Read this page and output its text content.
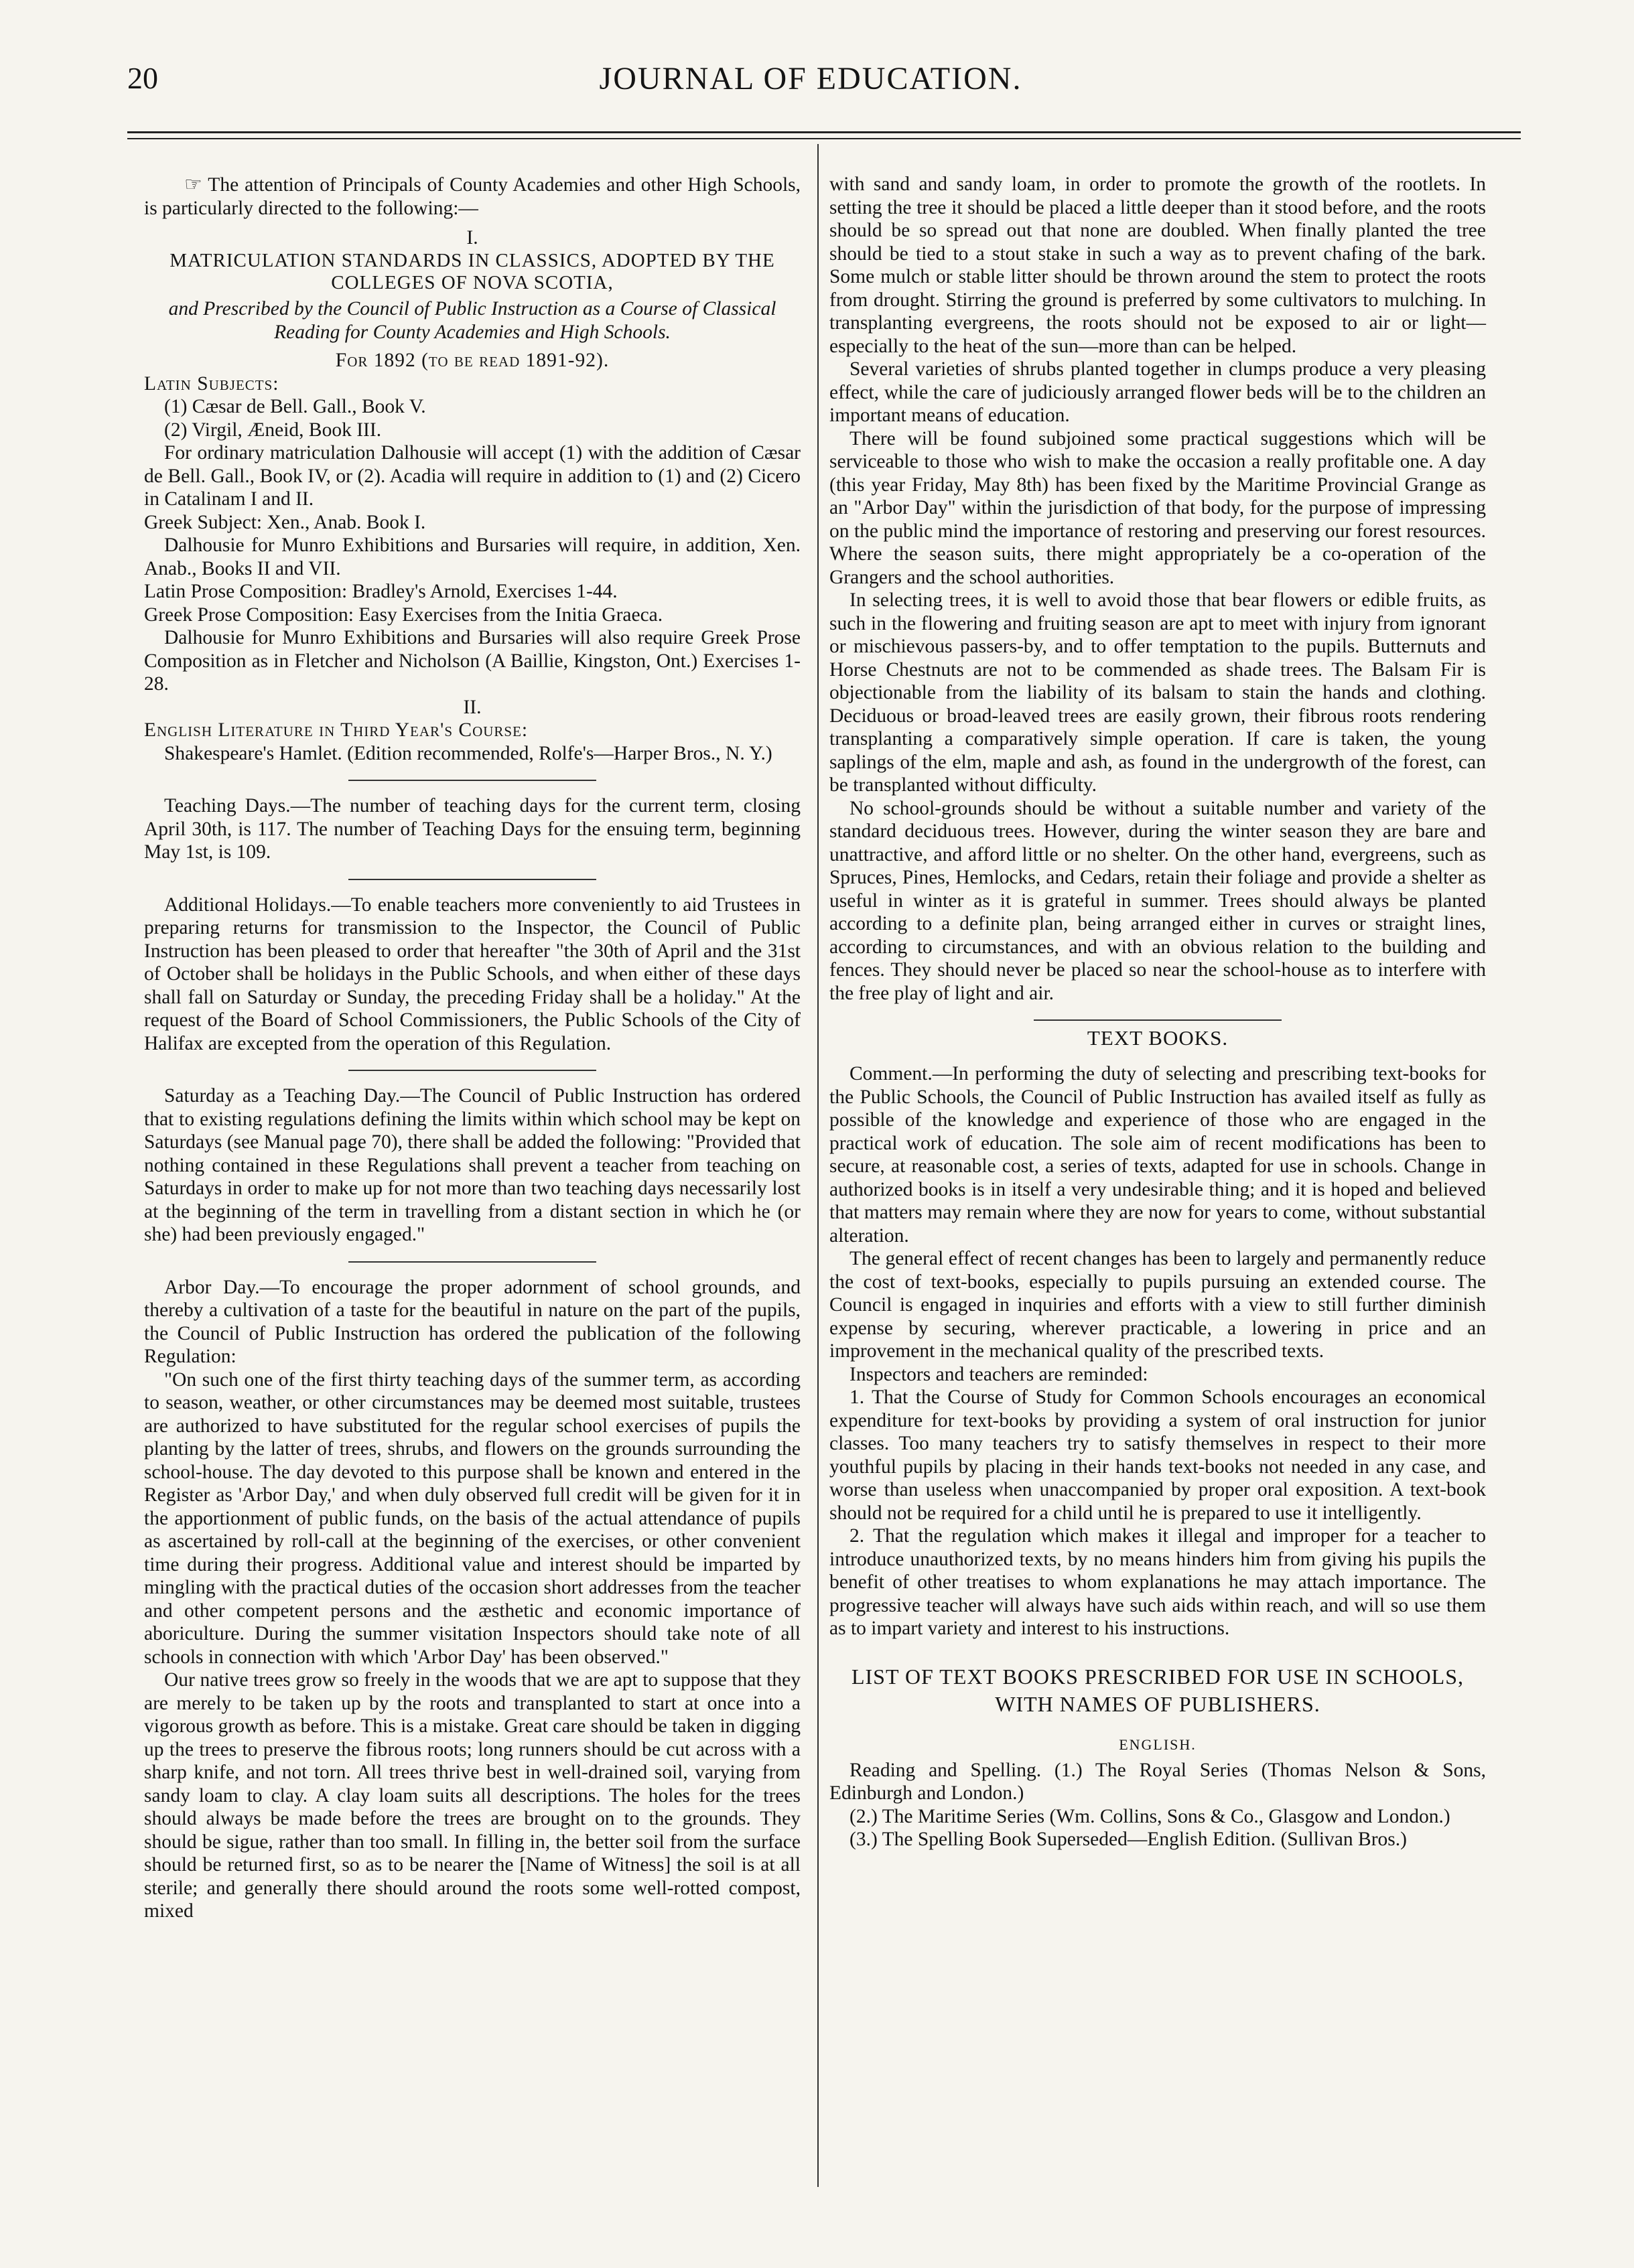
20	JOURNAL OF EDUCATION.

☞ The attention of Principals of County Academies and other High Schools, is particularly directed to the following:—

I.

MATRICULATION STANDARDS IN CLASSICS, ADOPTED BY THE COLLEGES OF NOVA SCOTIA,

and Prescribed by the Council of Public Instruction as a Course of Classical Reading for County Academies and High Schools.

For 1892 (to be read 1891-92).

Latin Subjects:

(1) Cæsar de Bell. Gall., Book V.

(2) Virgil, Æneid, Book III.

For ordinary matriculation Dalhousie will accept (1) with the addition of Cæsar de Bell. Gall., Book IV, or (2). Acadia will require in addition to (1) and (2) Cicero in Catalinam I and II.

Greek Subject: Xen., Anab. Book I.

Dalhousie for Munro Exhibitions and Bursaries will require, in addition, Xen. Anab., Books II and VII.

Latin Prose Composition: Bradley's Arnold, Exercises 1-44.

Greek Prose Composition: Easy Exercises from the Initia Graeca.

Dalhousie for Munro Exhibitions and Bursaries will also require Greek Prose Composition as in Fletcher and Nicholson (A Baillie, Kingston, Ont.) Exercises 1-28.

II.

English Literature in Third Year's Course:

Shakespeare's Hamlet. (Edition recommended, Rolfe's—Harper Bros., N. Y.)

Teaching Days.—The number of teaching days for the current term, closing April 30th, is 117. The number of Teaching Days for the ensuing term, beginning May 1st, is 109.

Additional Holidays.—To enable teachers more conveniently to aid Trustees in preparing returns for transmission to the Inspector, the Council of Public Instruction has been pleased to order that hereafter "the 30th of April and the 31st of October shall be holidays in the Public Schools, and when either of these days shall fall on Saturday or Sunday, the preceding Friday shall be a holiday." At the request of the Board of School Commissioners, the Public Schools of the City of Halifax are excepted from the operation of this Regulation.

Saturday as a Teaching Day.—The Council of Public Instruction has ordered that to existing regulations defining the limits within which school may be kept on Saturdays (see Manual page 70), there shall be added the following: "Provided that nothing contained in these Regulations shall prevent a teacher from teaching on Saturdays in order to make up for not more than two teaching days necessarily lost at the beginning of the term in travelling from a distant section in which he (or she) had been previously engaged."

Arbor Day.—To encourage the proper adornment of school grounds, and thereby a cultivation of a taste for the beautiful in nature on the part of the pupils, the Council of Public Instruction has ordered the publication of the following Regulation:

"On such one of the first thirty teaching days of the summer term, as according to season, weather, or other circumstances may be deemed most suitable, trustees are authorized to have substituted for the regular school exercises of pupils the planting by the latter of trees, shrubs, and flowers on the grounds surrounding the school-house. The day devoted to this purpose shall be known and entered in the Register as 'Arbor Day,' and when duly observed full credit will be given for it in the apportionment of public funds, on the basis of the actual attendance of pupils as ascertained by roll-call at the beginning of the exercises, or other convenient time during their progress. Additional value and interest should be imparted by mingling with the practical duties of the occasion short addresses from the teacher and other competent persons and the æsthetic and economic importance of aboriculture. During the summer visitation Inspectors should take note of all schools in connection with which 'Arbor Day' has been observed."

Our native trees grow so freely in the woods that we are apt to suppose that they are merely to be taken up by the roots and transplanted to start at once into a vigorous growth as before. This is a mistake. Great care should be taken in digging up the trees to preserve the fibrous roots; long runners should be cut across with a sharp knife, and not torn. All trees thrive best in well-drained soil, varying from sandy loam to clay. A clay loam suits all descriptions. The holes for the trees should always be made before the trees are brought on to the grounds. They should be sigue, rather than too small. In filling in, the better soil from the surface should be returned first, so as to be nearer the [Name of Witness] the soil is at all sterile; and generally there should around the roots some well-rotted compost, mixed

with sand and sandy loam, in order to promote the growth of the rootlets. In setting the tree it should be placed a little deeper than it stood before, and the roots should be so spread out that none are doubled. When finally planted the tree should be tied to a stout stake in such a way as to prevent chafing of the bark. Some mulch or stable litter should be thrown around the stem to protect the roots from drought. Stirring the ground is preferred by some cultivators to mulching. In transplanting evergreens, the roots should not be exposed to air or light—especially to the heat of the sun—more than can be helped.

Several varieties of shrubs planted together in clumps produce a very pleasing effect, while the care of judiciously arranged flower beds will be to the children an important means of education.

There will be found subjoined some practical suggestions which will be serviceable to those who wish to make the occasion a really profitable one. A day (this year Friday, May 8th) has been fixed by the Maritime Provincial Grange as an "Arbor Day" within the jurisdiction of that body, for the purpose of impressing on the public mind the importance of restoring and preserving our forest resources. Where the season suits, there might appropriately be a co-operation of the Grangers and the school authorities.

In selecting trees, it is well to avoid those that bear flowers or edible fruits, as such in the flowering and fruiting season are apt to meet with injury from ignorant or mischievous passers-by, and to offer temptation to the pupils. Butternuts and Horse Chestnuts are not to be commended as shade trees. The Balsam Fir is objectionable from the liability of its balsam to stain the hands and clothing. Deciduous or broad-leaved trees are easily grown, their fibrous roots rendering transplanting a comparatively simple operation. If care is taken, the young saplings of the elm, maple and ash, as found in the undergrowth of the forest, can be transplanted without difficulty.

No school-grounds should be without a suitable number and variety of the standard deciduous trees. However, during the winter season they are bare and unattractive, and afford little or no shelter. On the other hand, evergreens, such as Spruces, Pines, Hemlocks, and Cedars, retain their foliage and provide a shelter as useful in winter as it is grateful in summer. Trees should always be planted according to a definite plan, being arranged either in curves or straight lines, according to circumstances, and with an obvious relation to the building and fences. They should never be placed so near the school-house as to interfere with the free play of light and air.

TEXT BOOKS.

Comment.—In performing the duty of selecting and prescribing text-books for the Public Schools, the Council of Public Instruction has availed itself as fully as possible of the knowledge and experience of those who are engaged in the practical work of education. The sole aim of recent modifications has been to secure, at reasonable cost, a series of texts, adapted for use in schools. Change in authorized books is in itself a very undesirable thing; and it is hoped and believed that matters may remain where they are now for years to come, without substantial alteration.

The general effect of recent changes has been to largely and permanently reduce the cost of text-books, especially to pupils pursuing an extended course. The Council is engaged in inquiries and efforts with a view to still further diminish expense by securing, wherever practicable, a lowering in price and an improvement in the mechanical quality of the prescribed texts.

Inspectors and teachers are reminded:

1. That the Course of Study for Common Schools encourages an economical expenditure for text-books by providing a system of oral instruction for junior classes. Too many teachers try to satisfy themselves in respect to their more youthful pupils by placing in their hands text-books not needed in any case, and worse than useless when unaccompanied by proper oral exposition. A text-book should not be required for a child until he is prepared to use it intelligently.

2. That the regulation which makes it illegal and improper for a teacher to introduce unauthorized texts, by no means hinders him from giving his pupils the benefit of other treatises to whom explanations he may attach importance. The progressive teacher will always have such aids within reach, and will so use them as to impart variety and interest to his instructions.

LIST OF TEXT BOOKS PRESCRIBED FOR USE IN SCHOOLS, WITH NAMES OF PUBLISHERS.
ENGLISH.

Reading and Spelling. (1.) The Royal Series (Thomas Nelson & Sons, Edinburgh and London.)

(2.) The Maritime Series (Wm. Collins, Sons & Co., Glasgow and London.)

(3.) The Spelling Book Superseded—English Edition. (Sullivan Bros.)
